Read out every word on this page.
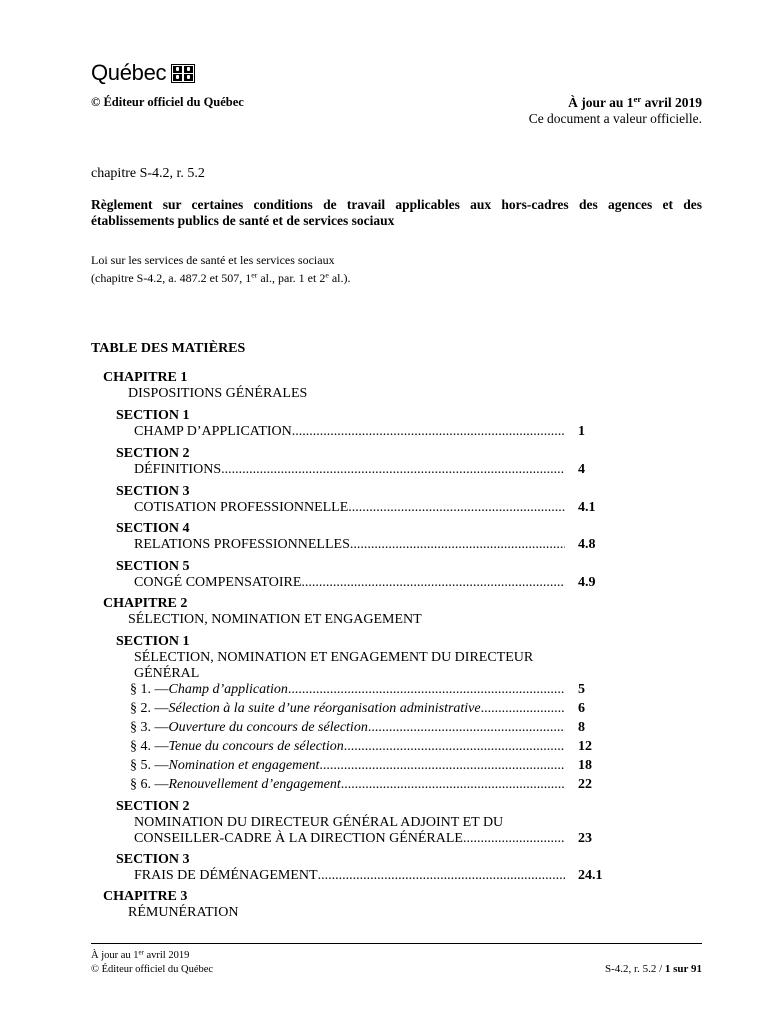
Québec
© Éditeur officiel du Québec	À jour au 1er avril 2019
Ce document a valeur officielle.
chapitre S-4.2, r. 5.2
Règlement sur certaines conditions de travail applicables aux hors-cadres des agences et des établissements publics de santé et de services sociaux
Loi sur les services de santé et les services sociaux
(chapitre S-4.2, a. 487.2 et 507, 1er al., par. 1 et 2e al.).
TABLE DES MATIÈRES
CHAPITRE 1
DISPOSITIONS GÉNÉRALES
SECTION 1
CHAMP D’APPLICATION .....	1
SECTION 2
DÉFINITIONS .....	4
SECTION 3
COTISATION PROFESSIONNELLE .....	4.1
SECTION 4
RELATIONS PROFESSIONNELLES .....	4.8
SECTION 5
CONGÉ COMPENSATOIRE .....	4.9
CHAPITRE 2
SÉLECTION, NOMINATION ET ENGAGEMENT
SECTION 1
SÉLECTION, NOMINATION ET ENGAGEMENT DU DIRECTEUR
GÉNÉRAL
§ 1. — Champ d’application .....	5
§ 2. — Sélection à la suite d’une réorganisation administrative .....	6
§ 3. — Ouverture du concours de sélection .....	8
§ 4. — Tenue du concours de sélection .....	12
§ 5. — Nomination et engagement .....	18
§ 6. — Renouvellement d’engagement .....	22
SECTION 2
NOMINATION DU DIRECTEUR GÉNÉRAL ADJOINT ET DU
CONSEILLER-CADRE À LA DIRECTION GÉNÉRALE .....	23
SECTION 3
FRAIS DE DÉMÉNAGEMENT .....	24.1
CHAPITRE 3
RÉMUNÉRATION
À jour au 1er avril 2019
© Éditeur officiel du Québec	S-4.2, r. 5.2 / 1 sur 91
